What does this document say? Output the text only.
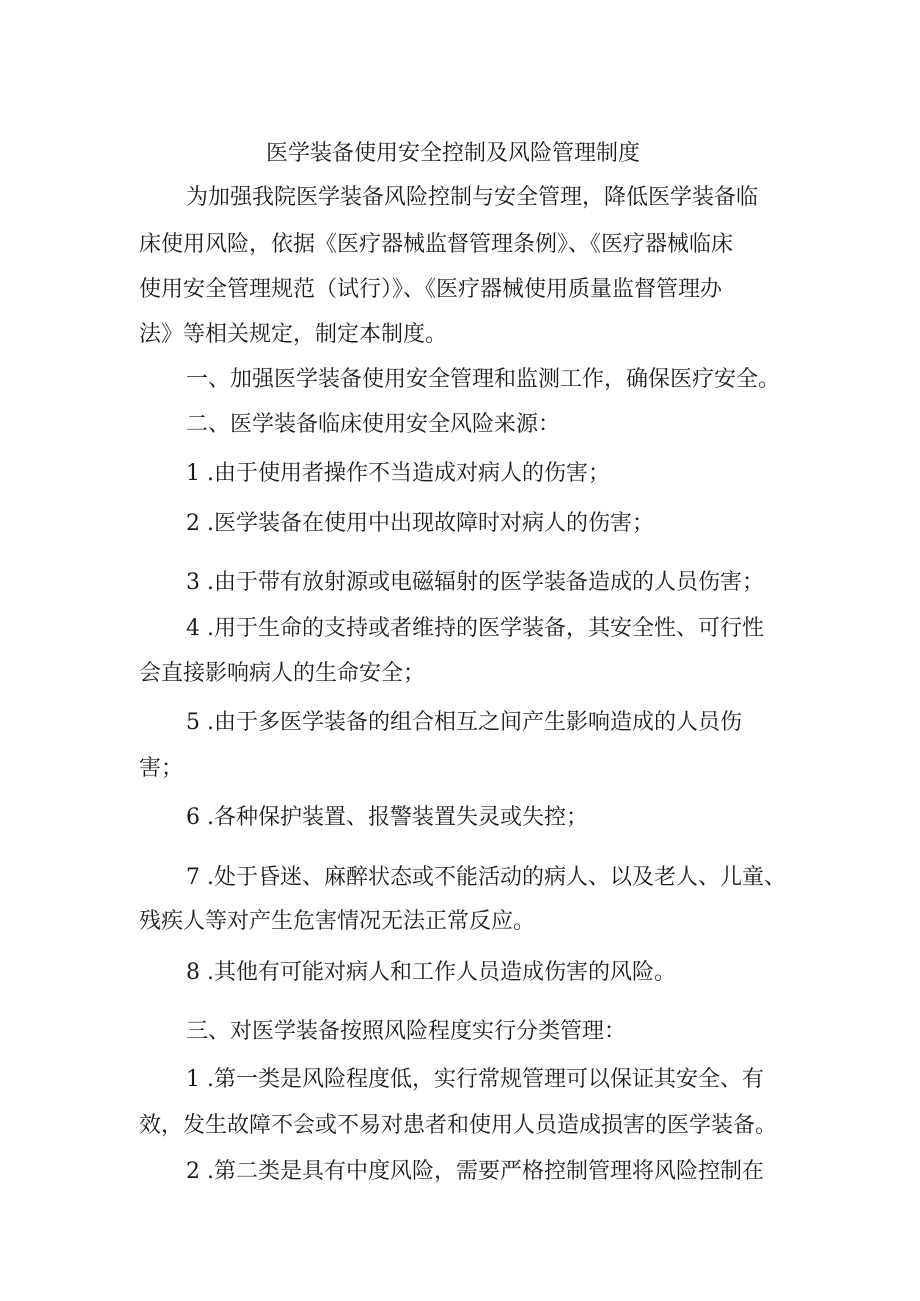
医学装备使用安全控制及风险管理制度
为加强我院医学装备风险控制与安全管理，降低医学装备临
床使用风险，依据《医疗器械监督管理条例》、《医疗器械临床
使用安全管理规范（试行）》、《医疗器械使用质量监督管理办
法》等相关规定，制定本制度。
一、加强医学装备使用安全管理和监测工作，确保医疗安全。
二、医学装备临床使用安全风险来源：
1 .由于使用者操作不当造成对病人的伤害；
2 .医学装备在使用中出现故障时对病人的伤害；
3 .由于带有放射源或电磁辐射的医学装备造成的人员伤害；
4 .用于生命的支持或者维持的医学装备，其安全性、可行性
会直接影响病人的生命安全；
5 .由于多医学装备的组合相互之间产生影响造成的人员伤
害；
6 .各种保护装置、报警装置失灵或失控；
7 .处于昏迷、麻醉状态或不能活动的病人、以及老人、儿童、
残疾人等对产生危害情况无法正常反应。
8 .其他有可能对病人和工作人员造成伤害的风险。
三、对医学装备按照风险程度实行分类管理：
1 .第一类是风险程度低，实行常规管理可以保证其安全、有
效，发生故障不会或不易对患者和使用人员造成损害的医学装备。
2 .第二类是具有中度风险，需要严格控制管理将风险控制在
